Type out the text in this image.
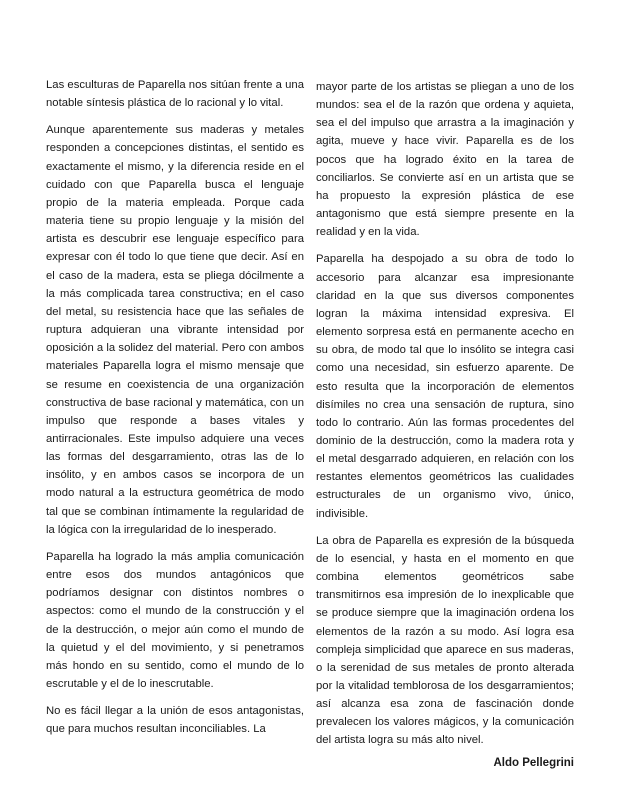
Las esculturas de Paparella nos sitúan frente a una notable síntesis plástica de lo racional y lo vital.

Aunque aparentemente sus maderas y metales responden a concepciones distintas, el sentido es exactamente el mismo, y la diferencia reside en el cuidado con que Paparella busca el lenguaje propio de la materia empleada. Porque cada materia tiene su propio lenguaje y la misión del artista es descubrir ese lenguaje específico para expresar con él todo lo que tiene que decir. Así en el caso de la madera, esta se pliega dócilmente a la más complicada tarea constructiva; en el caso del metal, su resistencia hace que las señales de ruptura adquieran una vibrante intensidad por oposición a la solidez del material. Pero con ambos materiales Paparella logra el mismo mensaje que se resume en coexistencia de una organización constructiva de base racional y matemática, con un impulso que responde a bases vitales y antirracionales. Este impulso adquiere una veces las formas del desgarramiento, otras las de lo insólito, y en ambos casos se incorpora de un modo natural a la estructura geométrica de modo tal que se combinan íntimamente la regularidad de la lógica con la irregularidad de lo inesperado.

Paparella ha logrado la más amplia comunicación entre esos dos mundos antagónicos que podríamos designar con distintos nombres o aspectos: como el mundo de la construcción y el de la destrucción, o mejor aún como el mundo de la quietud y el del movimiento, y si penetramos más hondo en su sentido, como el mundo de lo escrutable y el de lo inescrutable.

No es fácil llegar a la unión de esos antagonistas, que para muchos resultan inconciliables. La

mayor parte de los artistas se pliegan a uno de los mundos: sea el de la razón que ordena y aquieta, sea el del impulso que arrastra a la imaginación y agita, mueve y hace vivir. Paparella es de los pocos que ha logrado éxito en la tarea de conciliarlos. Se convierte así en un artista que se ha propuesto la expresión plástica de ese antagonismo que está siempre presente en la realidad y en la vida.

Paparella ha despojado a su obra de todo lo accesorio para alcanzar esa impresionante claridad en la que sus diversos componentes logran la máxima intensidad expresiva. El elemento sorpresa está en permanente acecho en su obra, de modo tal que lo insólito se integra casi como una necesidad, sin esfuerzo aparente. De esto resulta que la incorporación de elementos disímiles no crea una sensación de ruptura, sino todo lo contrario. Aún las formas procedentes del dominio de la destrucción, como la madera rota y el metal desgarrado adquieren, en relación con los restantes elementos geométricos las cualidades estructurales de un organismo vivo, único, indivisible.

La obra de Paparella es expresión de la búsqueda de lo esencial, y hasta en el momento en que combina elementos geométricos sabe transmitirnos esa impresión de lo inexplicable que se produce siempre que la imaginación ordena los elementos de la razón a su modo. Así logra esa compleja simplicidad que aparece en sus maderas, o la serenidad de sus metales de pronto alterada por la vitalidad temblorosa de los desgarramientos; así alcanza esa zona de fascinación donde prevalecen los valores mágicos, y la comunicación del artista logra su más alto nivel.

Aldo Pellegrini
